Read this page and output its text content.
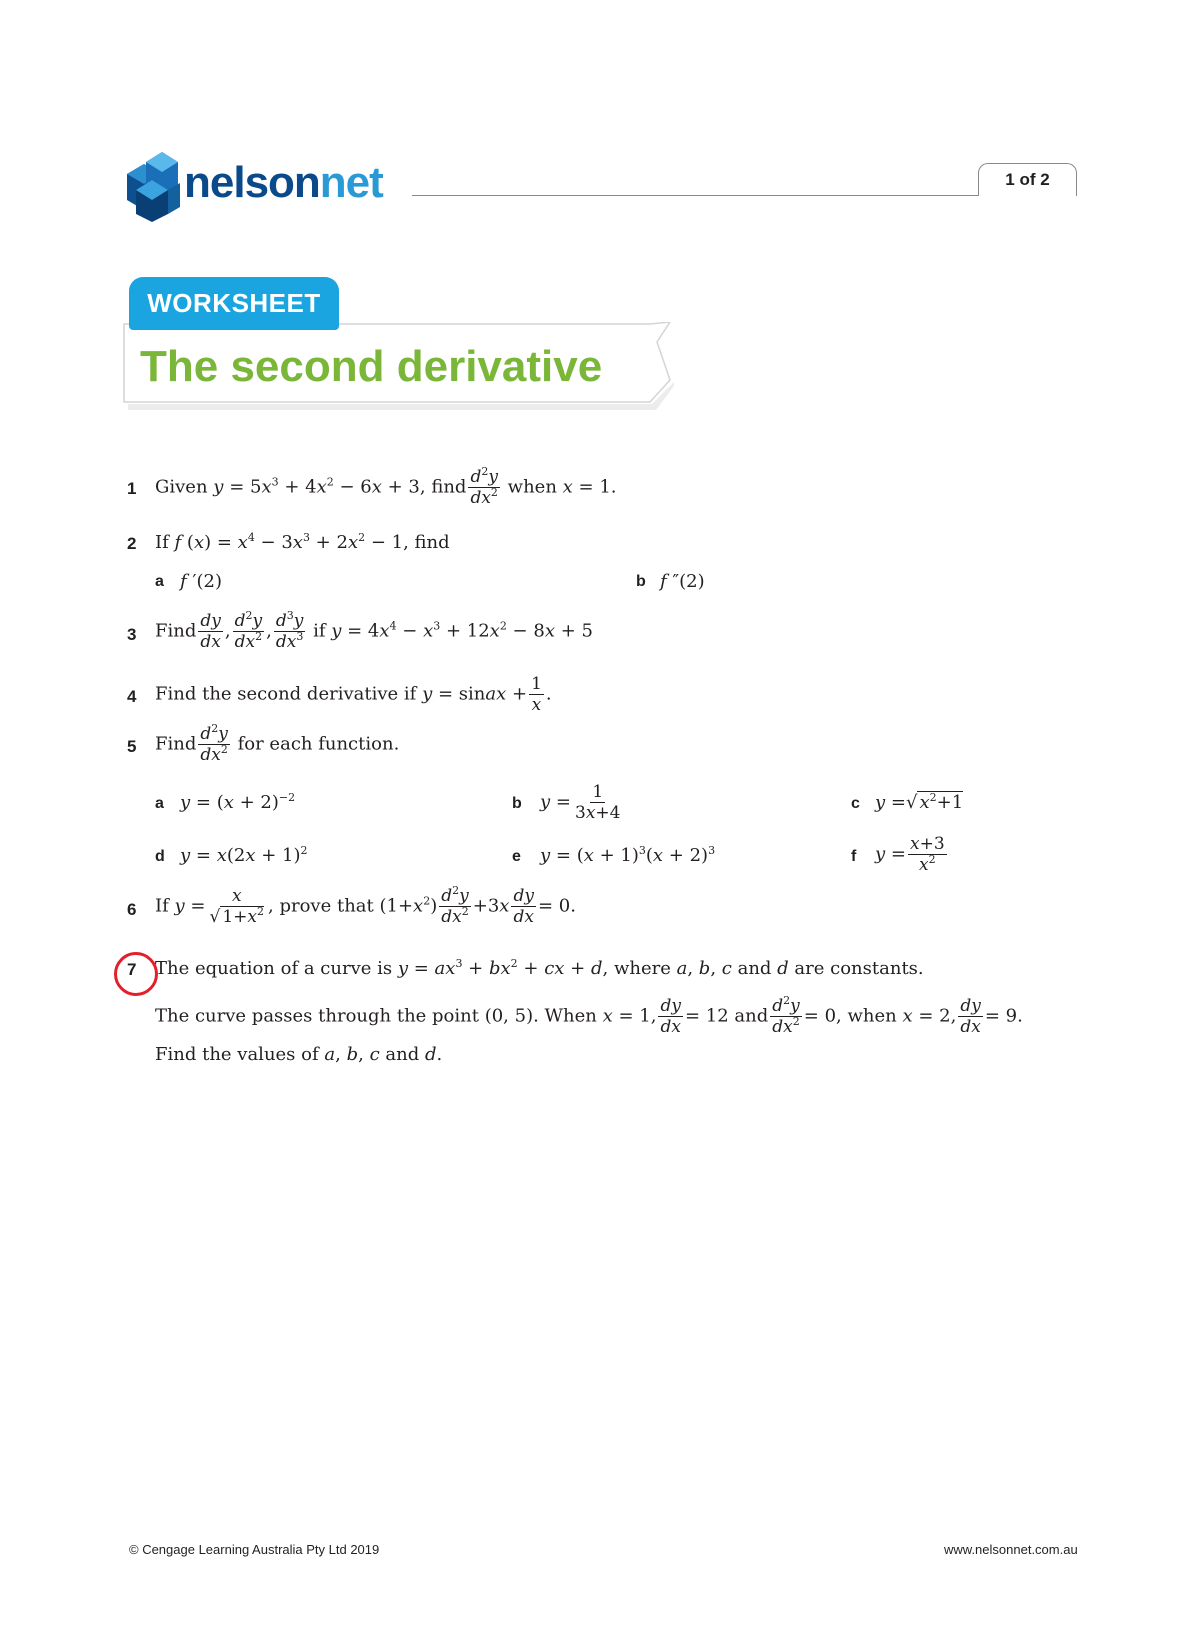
nelsonnet	1 of 2
WORKSHEET
The second derivative
1 Given $y = 5x^3 + 4x^2 - 6x + 3$, find $\frac{d^2y}{dx^2}$ when x = 1.
2 If f $(x) = x^4 - 3x^3 + 2x^2 - 1$, find
a f ′(2)	b f ″(2)
3 Find $\frac{dy}{dx}$ , $\frac{d^2y}{dx^2}$ , $\frac{d^3y}{dx^3}$ if $y = 4x^4 - x^3 + 12x^2 - 8x + 5$
4 Find the second derivative if y = sinax + $\frac{1}{x}$ .
5 Find $\frac{d^2y}{dx^2}$ for each function.
a $y = (x + 2)^{-2}$	b $y = \frac{1}{3x+4}$	c y =√ $x^2+1$
d $y = x(2x + 1)^2$	e $y = (x + 1)^3(x + 2)^3$	f $y = \frac{x+3}{x^2}$
6 If $y = \frac{x}{√ 1+x^2}$ , prove that $(1+x^2) \frac{d^2y}{dx^2} +3x \frac{dy}{dx} = 0$.
7 The equation of a curve is $y = ax^3 + bx^2$ + cx + d, where a, b, c and d are constants.
The curve passes through the point (0, 5). When x = 1, $\frac{dy}{dx} = 12$ and $\frac{d^2y}{dx^2} = 0$, when x = 2, $\frac{dy}{dx} = 9$.
Find the values of a, b, c and d.
© Cengage Learning Australia Pty Ltd 2019	www.nelsonnet.com.au
